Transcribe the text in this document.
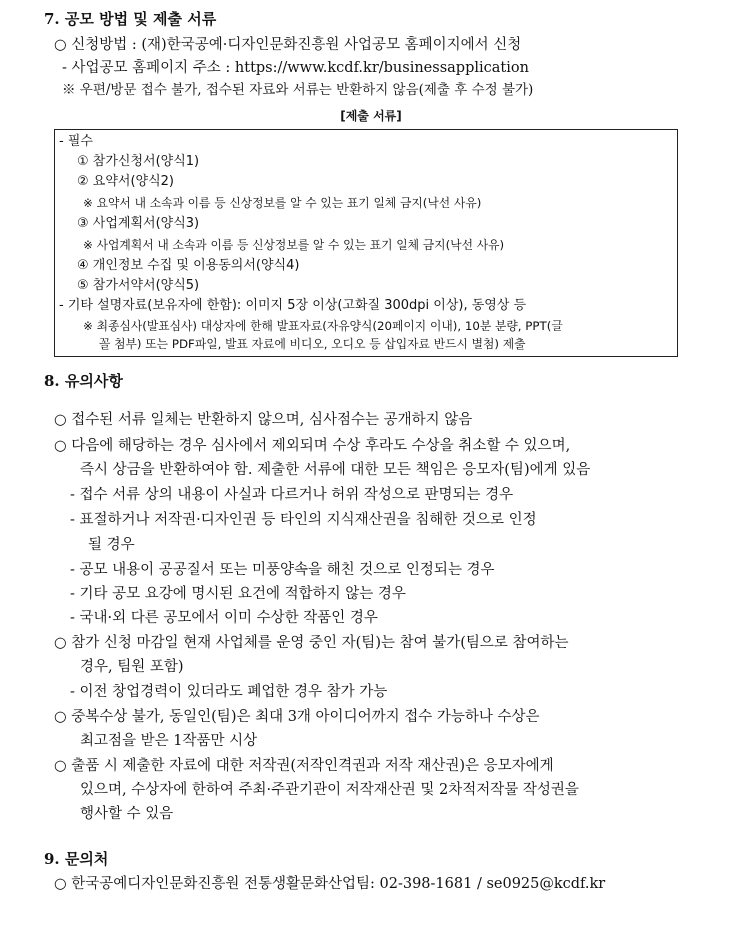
7. 공모 방법 및 제출 서류
○ 신청방법 : (재)한국공예·디자인문화진흥원 사업공모 홈페이지에서 신청
- 사업공모 홈페이지 주소 : https://www.kcdf.kr/businessapplication
※ 우편/방문 접수 불가, 접수된 자료와 서류는 반환하지 않음(제출 후 수정 불가)
[제출 서류]
- 필수
① 참가신청서(양식1)
② 요약서(양식2)
※ 요약서 내 소속과 이름 등 신상정보를 알 수 있는 표기 일체 금지(낙선 사유)
③ 사업계획서(양식3)
※ 사업계획서 내 소속과 이름 등 신상정보를 알 수 있는 표기 일체 금지(낙선 사유)
④ 개인정보 수집 및 이용동의서(양식4)
⑤ 참가서약서(양식5)
- 기타 설명자료(보유자에 한함): 이미지 5장 이상(고화질 300dpi 이상), 동영상 등
※ 최종심사(발표심사) 대상자에 한해 발표자료(자유양식(20페이지 이내), 10분 분량, PPT(글
꼴 첨부) 또는 PDF파일, 발표 자료에 비디오, 오디오 등 삽입자료 반드시 별첨) 제출
8. 유의사항
○ 접수된 서류 일체는 반환하지 않으며, 심사점수는 공개하지 않음
○ 다음에 해당하는 경우 심사에서 제외되며 수상 후라도 수상을 취소할 수 있으며,
즉시 상금을 반환하여야 함. 제출한 서류에 대한 모든 책임은 응모자(팀)에게 있음
- 접수 서류 상의 내용이 사실과 다르거나 허위 작성으로 판명되는 경우
- 표절하거나 저작권·디자인권 등 타인의 지식재산권을 침해한 것으로 인정
될 경우
- 공모 내용이 공공질서 또는 미풍양속을 해친 것으로 인정되는 경우
- 기타 공모 요강에 명시된 요건에 적합하지 않는 경우
- 국내·외 다른 공모에서 이미 수상한 작품인 경우
○ 참가 신청 마감일 현재 사업체를 운영 중인 자(팀)는 참여 불가(팀으로 참여하는
경우, 팀원 포함)
- 이전 창업경력이 있더라도 폐업한 경우 참가 가능
○ 중복수상 불가, 동일인(팀)은 최대 3개 아이디어까지 접수 가능하나 수상은
최고점을 받은 1작품만 시상
○ 출품 시 제출한 자료에 대한 저작권(저작인격권과 저작 재산권)은 응모자에게
있으며, 수상자에 한하여 주최·주관기관이 저작재산권 및 2차적저작물 작성권을
행사할 수 있음
9. 문의처
○ 한국공예디자인문화진흥원 전통생활문화산업팀: 02-398-1681 / se0925@kcdf.kr
